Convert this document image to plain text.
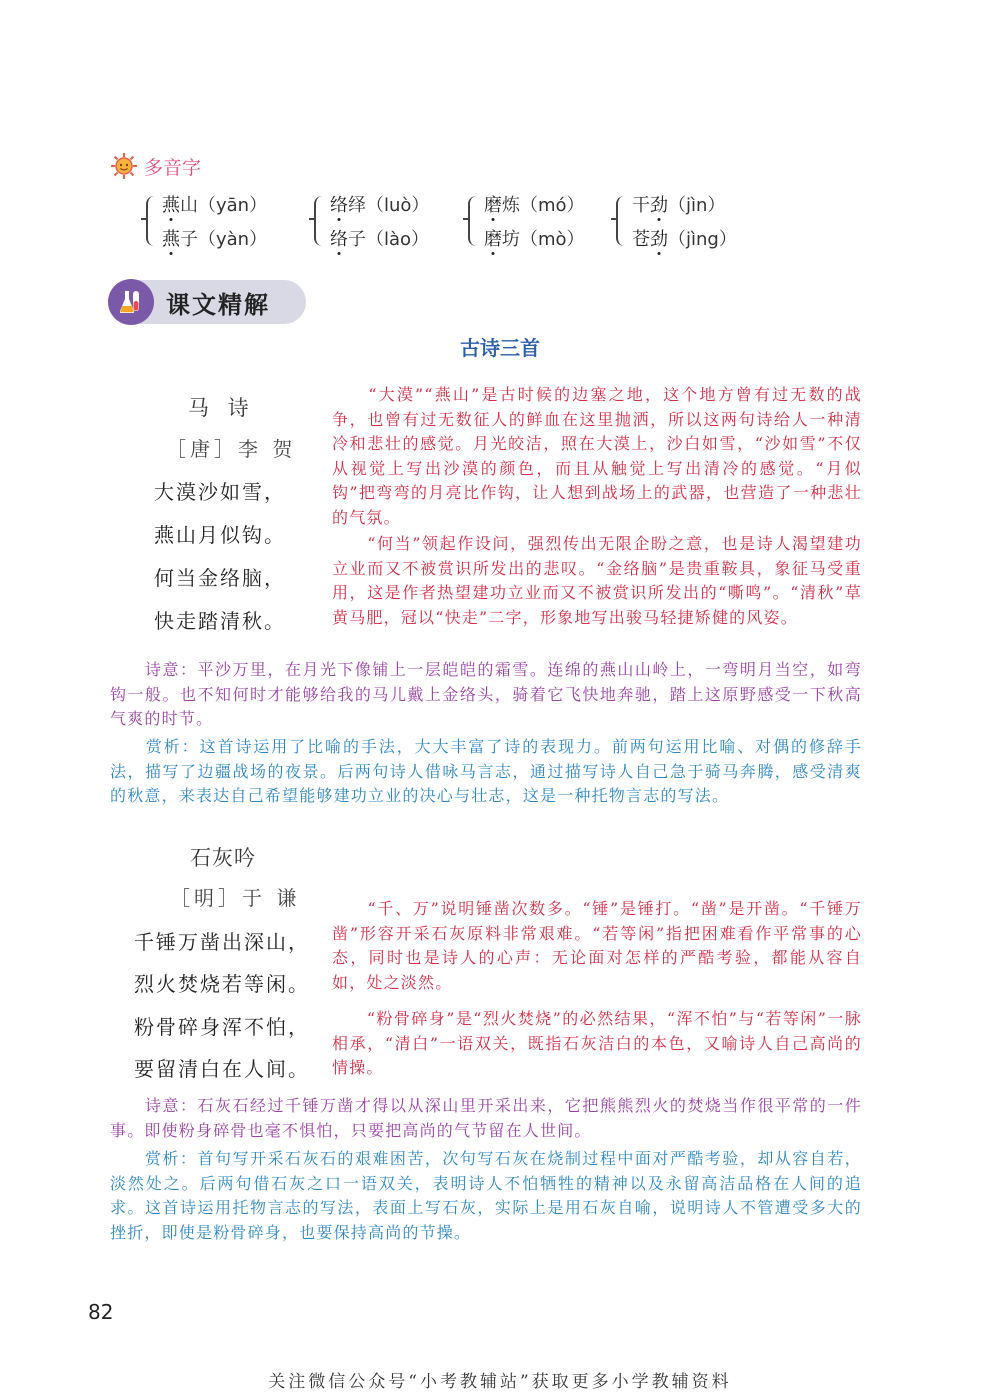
多音字
燕山（yān）
燕子（yàn）
络绎（luò）
络子（lào）
磨炼（mó）
磨坊（mò）
干劲（jìn）
苍劲（jìng）
课文精解
古诗三首
马 诗
［唐］李 贺
大漠沙如雪，
燕山月似钩。
何当金络脑，
快走踏清秋。
　　“大漠”“燕山”是古时候的边塞之地，这个地方曾有过无数的战争，也曾有过无数征人的鲜血在这里抛洒，所以这两句诗给人一种清冷和悲壮的感觉。月光皎洁，照在大漠上，沙白如雪，“沙如雪”不仅从视觉上写出沙漠的颜色，而且从触觉上写出清冷的感觉。“月似钩”把弯弯的月亮比作钩，让人想到战场上的武器，也营造了一种悲壮的气氛。
　　“何当”领起作设问，强烈传出无限企盼之意，也是诗人渴望建功立业而又不被赏识所发出的悲叹。“金络脑”是贵重鞍具，象征马受重用，这是作者热望建功立业而又不被赏识所发出的“嘶鸣”。“清秋”草黄马肥，冠以“快走”二字，形象地写出骏马轻捷矫健的风姿。
　　诗意：平沙万里，在月光下像铺上一层皑皑的霜雪。连绵的燕山山岭上，一弯明月当空，如弯钩一般。也不知何时才能够给我的马儿戴上金络头，骑着它飞快地奔驰，踏上这原野感受一下秋高气爽的时节。
　　赏析：这首诗运用了比喻的手法，大大丰富了诗的表现力。前两句运用比喻、对偶的修辞手法，描写了边疆战场的夜景。后两句诗人借咏马言志，通过描写诗人自己急于骑马奔腾，感受清爽的秋意，来表达自己希望能够建功立业的决心与壮志，这是一种托物言志的写法。
石灰吟
［明］于 谦
千锤万凿出深山，
烈火焚烧若等闲。
粉骨碎身浑不怕，
要留清白在人间。
　　“千、万”说明锤凿次数多。“锤”是锤打。“凿”是开凿。“千锤万凿”形容开采石灰原料非常艰难。“若等闲”指把困难看作平常事的心态，同时也是诗人的心声：无论面对怎样的严酷考验，都能从容自如，处之淡然。
　　“粉骨碎身”是“烈火焚烧”的必然结果，“浑不怕”与“若等闲”一脉相承，“清白”一语双关，既指石灰洁白的本色，又喻诗人自己高尚的情操。
　　诗意：石灰石经过千锤万凿才得以从深山里开采出来，它把熊熊烈火的焚烧当作很平常的一件事。即使粉身碎骨也毫不惧怕，只要把高尚的气节留在人世间。
　　赏析：首句写开采石灰石的艰难困苦，次句写石灰在烧制过程中面对严酷考验，却从容自若，淡然处之。后两句借石灰之口一语双关，表明诗人不怕牺牲的精神以及永留高洁品格在人间的追求。这首诗运用托物言志的写法，表面上写石灰，实际上是用石灰自喻，说明诗人不管遭受多大的挫折，即使是粉骨碎身，也要保持高尚的节操。
82
关注微信公众号“小考教辅站”获取更多小学教辅资料
